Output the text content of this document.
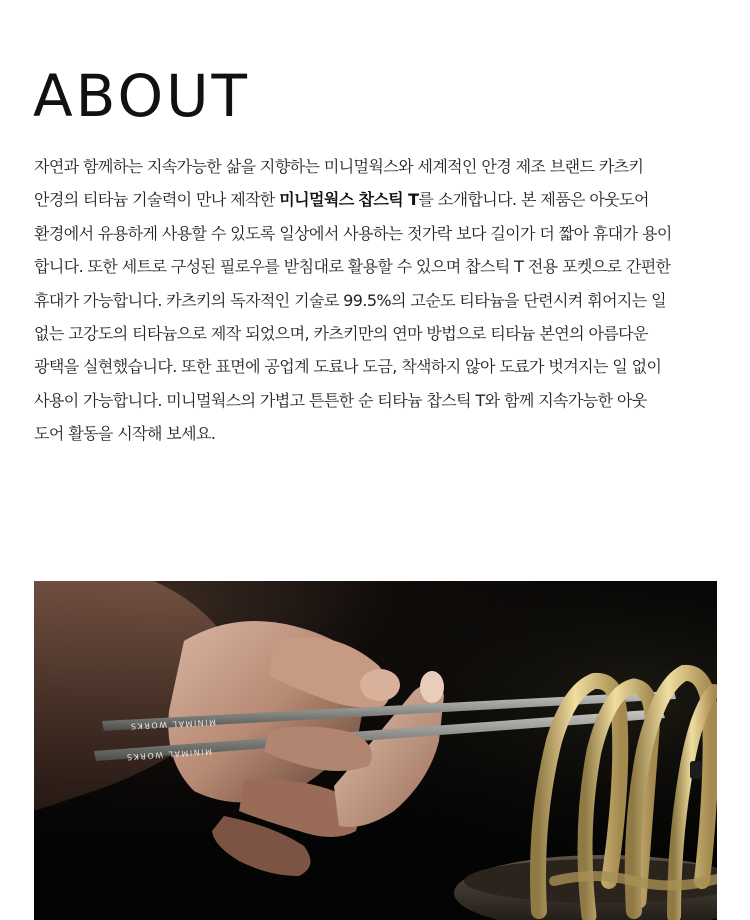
ABOUT

자연과 함께하는 지속가능한 삶을 지향하는 미니멀웍스와 세계적인 안경 제조 브랜드 카츠키
안경의 티타늄 기술력이 만나 제작한 미니멀웍스 찹스틱 T를 소개합니다. 본 제품은 아웃도어
환경에서 유용하게 사용할 수 있도록 일상에서 사용하는 젓가락 보다 길이가 더 짧아 휴대가 용이
합니다. 또한 세트로 구성된 필로우를 받침대로 활용할 수 있으며 찹스틱 T 전용 포켓으로 간편한
휴대가 가능합니다. 카츠키의 독자적인 기술로 99.5%의 고순도 티타늄을 단련시켜 휘어지는 일
없는 고강도의 티타늄으로 제작 되었으며, 카츠키만의 연마 방법으로 티타늄 본연의 아름다운
광택을 실현했습니다. 또한 표면에 공업계 도료나 도금, 착색하지 않아 도료가 벗겨지는 일 없이
사용이 가능합니다. 미니멀웍스의 가볍고 튼튼한 순 티타늄 찹스틱 T와 함께 지속가능한 아웃
도어 활동을 시작해 보세요.

MINIMAL WORKS
MINIMAL WORKS
